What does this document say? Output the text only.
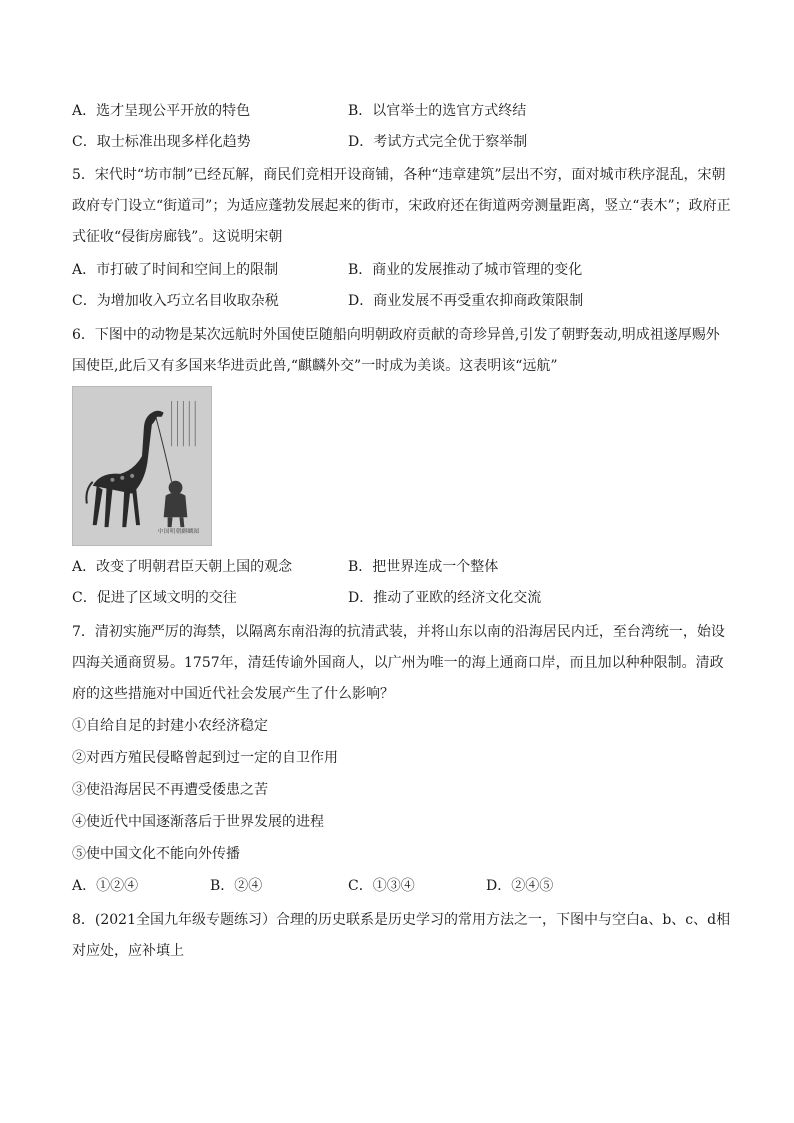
A．选才呈现公平开放的特色	B．以官举士的选官方式终结
C．取士标准出现多样化趋势	D．考试方式完全优于察举制
5．宋代时“坊市制”已经瓦解，商民们竞相开设商铺，各种“违章建筑”层出不穷，面对城市秩序混乱，宋朝
政府专门设立“街道司”；为适应蓬勃发展起来的街市，宋政府还在街道两旁测量距离，竖立“表木”；政府正
式征收“侵街房廊钱”。这说明宋朝
A．市打破了时间和空间上的限制	B．商业的发展推动了城市管理的变化
C．为增加收入巧立名目收取杂税	D．商业发展不再受重农抑商政策限制
6．下图中的动物是某次远航时外国使臣随船向明朝政府贡献的奇珍异兽,引发了朝野轰动,明成祖遂厚赐外
国使臣,此后又有多国来华进贡此兽,“麒麟外交”一时成为美谈。这表明该“远航”
中国明朝麒麟图
A．改变了明朝君臣天朝上国的观念	B．把世界连成一个整体
C．促进了区域文明的交往	D．推动了亚欧的经济文化交流
7．清初实施严厉的海禁，以隔离东南沿海的抗清武装，并将山东以南的沿海居民内迁，至台湾统一，始设
四海关通商贸易。1757年，清廷传谕外国商人，以广州为唯一的海上通商口岸，而且加以种种限制。清政
府的这些措施对中国近代社会发展产生了什么影响？
①自给自足的封建小农经济稳定
②对西方殖民侵略曾起到过一定的自卫作用
③使沿海居民不再遭受倭患之苦
④使近代中国逐渐落后于世界发展的进程
⑤使中国文化不能向外传播
A．①②④	B．②④	C．①③④	D．②④⑤
8．(2021全国九年级专题练习）合理的历史联系是历史学习的常用方法之一，下图中与空白a、b、c、d相
对应处，应补填上
